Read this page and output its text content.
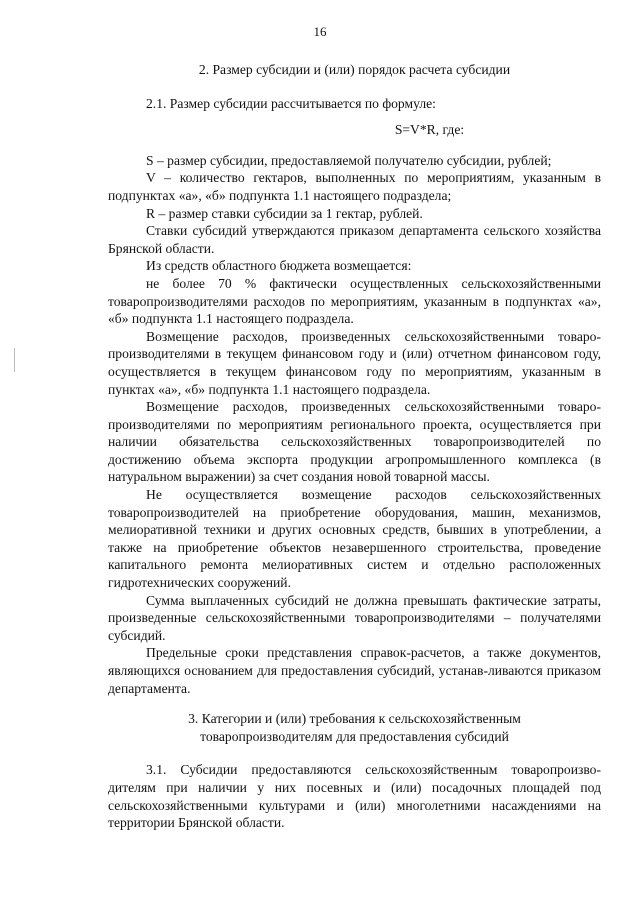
16
2. Размер субсидии и (или) порядок расчета субсидии

2.1. Размер субсидии рассчитывается по формуле:

S=V*R, где:

S – размер субсидии, предоставляемой получателю субсидии, рублей;

V – количество гектаров, выполненных по мероприятиям, указанным в подпунктах «а», «б» подпункта 1.1 настоящего подраздела;

R – размер ставки субсидии за 1 гектар, рублей.

Ставки субсидий утверждаются приказом департамента сельского хозяйства Брянской области.

Из средств областного бюджета возмещается:

не более 70 % фактически осуществленных сельскохозяйственными товаропроизводителями расходов по мероприятиям, указанным в подпунктах «а», «б» подпункта 1.1 настоящего подраздела.

Возмещение расходов, произведенных сельскохозяйственными товаро-производителями в текущем финансовом году и (или) отчетном финансовом году, осуществляется в текущем финансовом году по мероприятиям, указанным в пунктах «а», «б» подпункта 1.1 настоящего подраздела.

Возмещение расходов, произведенных сельскохозяйственными товаро-производителями по мероприятиям регионального проекта, осуществляется при наличии обязательства сельскохозяйственных товаропроизводителей по достижению объема экспорта продукции агропромышленного комплекса (в натуральном выражении) за счет создания новой товарной массы.

Не осуществляется возмещение расходов сельскохозяйственных товаропроизводителей на приобретение оборудования, машин, механизмов, мелиоративной техники и других основных средств, бывших в употреблении, а также на приобретение объектов незавершенного строительства, проведение капитального ремонта мелиоративных систем и отдельно расположенных гидротехнических сооружений.

Сумма выплаченных субсидий не должна превышать фактические затраты, произведенные сельскохозяйственными товаропроизводителями – получателями субсидий.

Предельные сроки представления справок-расчетов, а также документов, являющихся основанием для предоставления субсидий, устанав-ливаются приказом департамента.

3. Категории и (или) требования к сельскохозяйственным
товаропроизводителям для предоставления субсидий

3.1. Субсидии предоставляются сельскохозяйственным товаропроизво-дителям при наличии у них посевных и (или) посадочных площадей под сельскохозяйственными культурами и (или) многолетними насаждениями на территории Брянской области.
